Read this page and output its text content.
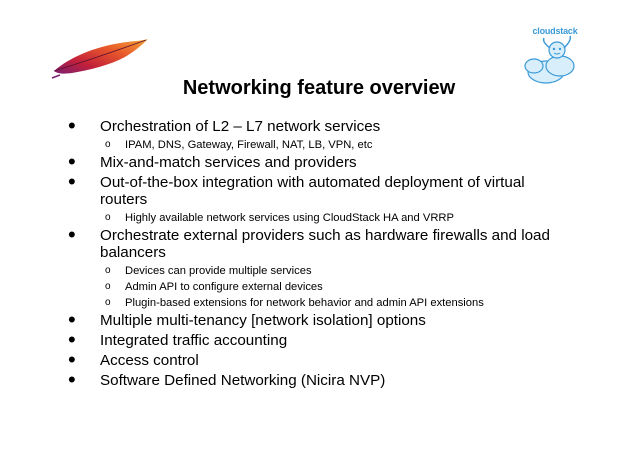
cloudstack
Networking feature overview
• Orchestration of L2 – L7 network services
o IPAM, DNS, Gateway, Firewall, NAT, LB, VPN, etc
• Mix-and-match services and providers
• Out-of-the-box integration with automated deployment of virtual routers
o Highly available network services using CloudStack HA and VRRP
• Orchestrate external providers such as hardware firewalls and load balancers
o Devices can provide multiple services
o Admin API to configure external devices
o Plugin-based extensions for network behavior and admin API extensions
• Multiple multi-tenancy [network isolation] options
• Integrated traffic accounting
• Access control
• Software Defined Networking (Nicira NVP)
